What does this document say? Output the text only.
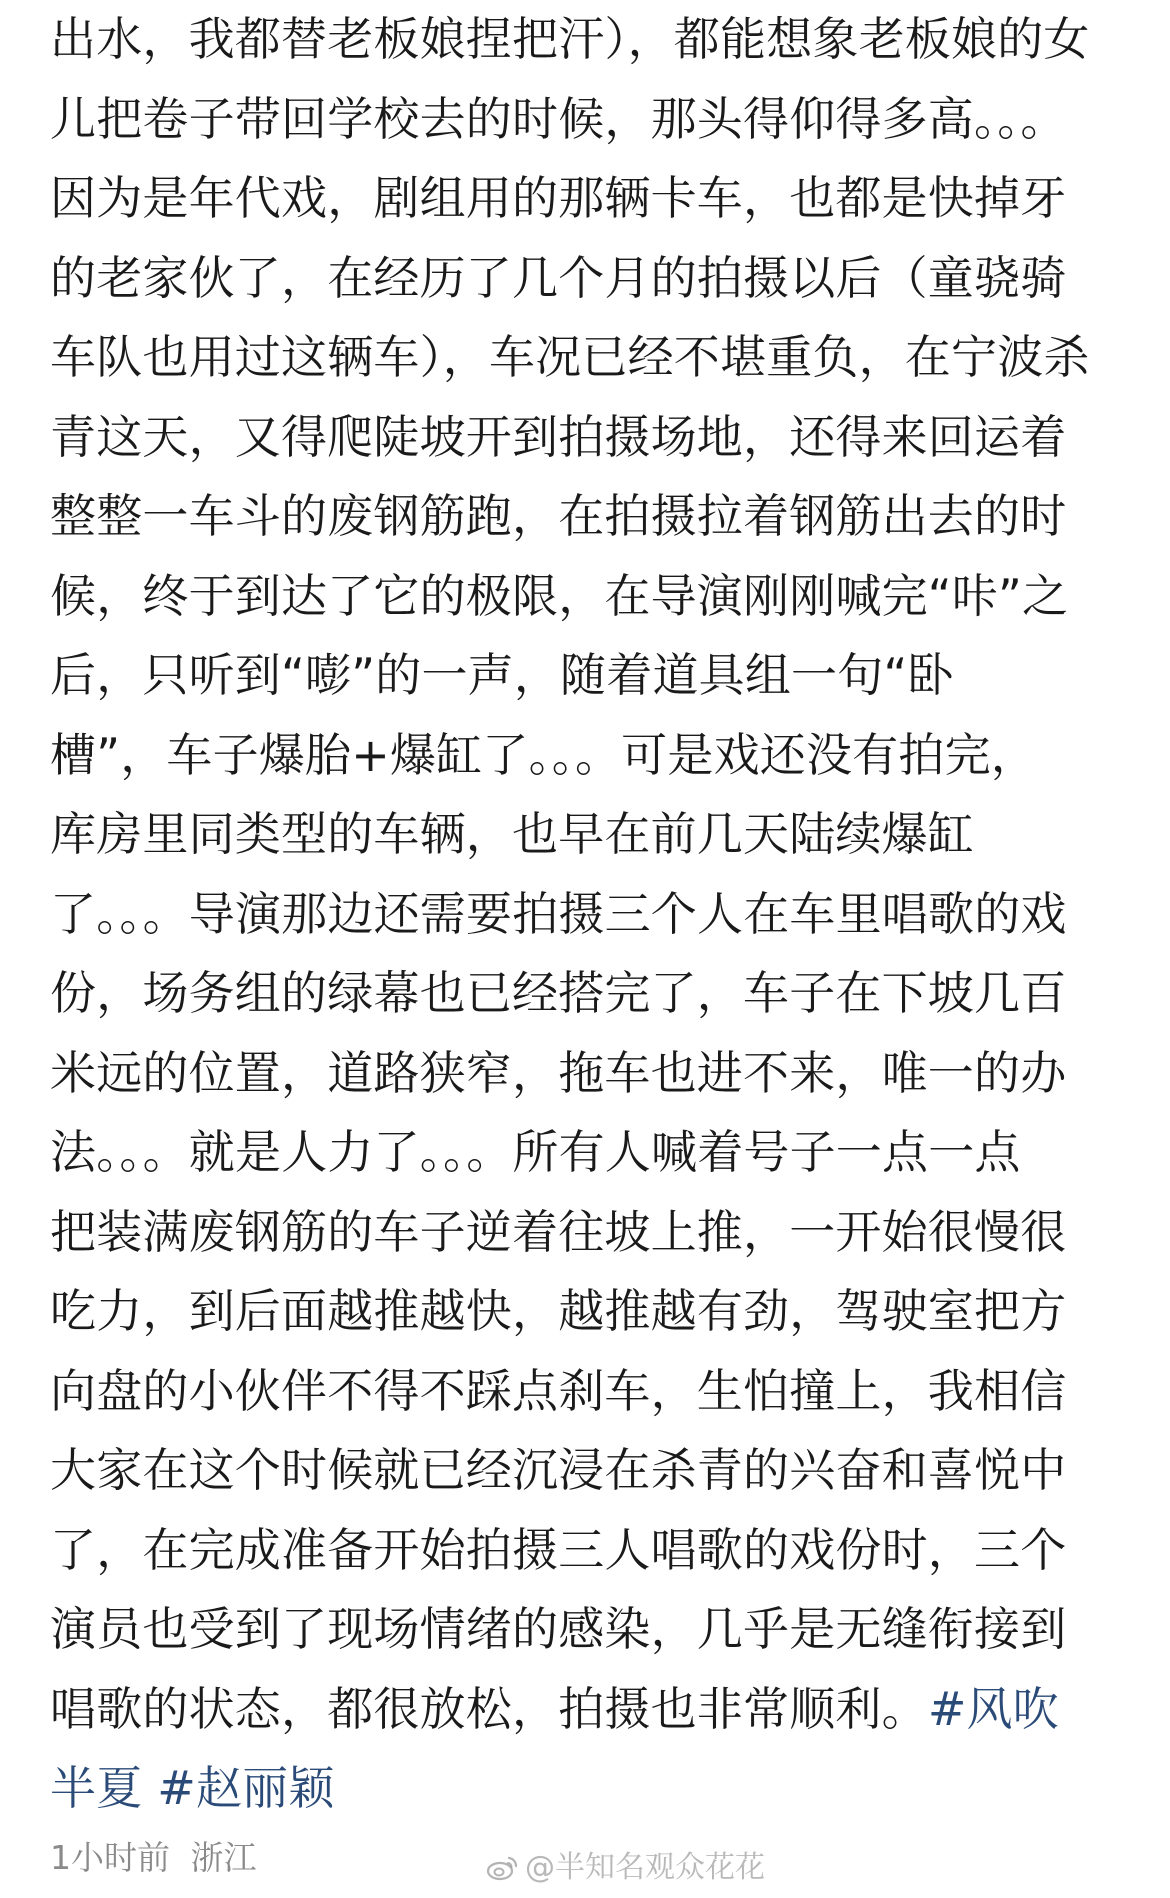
出水，我都替老板娘捏把汗），都能想象老板娘的女
儿把卷子带回学校去的时候，那头得仰得多高。。。
因为是年代戏，剧组用的那辆卡车，也都是快掉牙
的老家伙了，在经历了几个月的拍摄以后（童骁骑
车队也用过这辆车），车况已经不堪重负，在宁波杀
青这天，又得爬陡坡开到拍摄场地，还得来回运着
整整一车斗的废钢筋跑，在拍摄拉着钢筋出去的时
候，终于到达了它的极限，在导演刚刚喊完“咔”之
后，只听到“嘭”的一声，随着道具组一句“卧
槽”，车子爆胎+爆缸了。。。可是戏还没有拍完，
库房里同类型的车辆，也早在前几天陆续爆缸
了。。。导演那边还需要拍摄三个人在车里唱歌的戏
份，场务组的绿幕也已经搭完了，车子在下坡几百
米远的位置，道路狭窄，拖车也进不来，唯一的办
法。。。就是人力了。。。所有人喊着号子一点一点
把装满废钢筋的车子逆着往坡上推，一开始很慢很
吃力，到后面越推越快，越推越有劲，驾驶室把方
向盘的小伙伴不得不踩点刹车，生怕撞上，我相信
大家在这个时候就已经沉浸在杀青的兴奋和喜悦中
了，在完成准备开始拍摄三人唱歌的戏份时，三个
演员也受到了现场情绪的感染，几乎是无缝衔接到
唱歌的状态，都很放松，拍摄也非常顺利。#风吹
半夏 #赵丽颖
1小时前 浙江	@半知名观众花花
